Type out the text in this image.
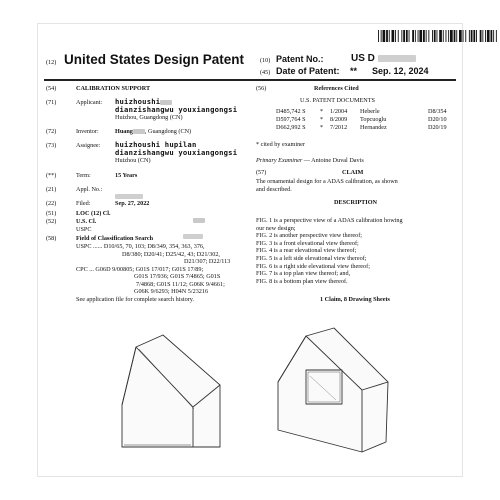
(12) United States Design Patent	(10) Patent No.:	US D
(45) Date of Patent: ** Sep. 12, 2024
(54)	CALIBRATION SUPPORT
(71)	Applicant: huizhoushi
dianzishangwu youxiangongsi
Huizhou, Guangdong (CN)
(72)	Inventor:	Huang , Guangdong (CN)
(73)	Assignee: huizhoushi hupilan
dianzishangwu youxiangongsi
Huizhou (CN)
(**)	Term:	15 Years
(21)	Appl. No.:
(22)	Filed:	Sep. 27, 2022
(51)	LOC (12) Cl.
(52)	U.S. Cl.
USPC
(58)	Field of Classification Search
USPC ...... D10/65, 70, 103; D8/349, 354, 363, 376,
D8/380; D20/41; D25/42, 43; D21/302,
D21/307; D22/113
CPC ... G06D 9/00805; G01S 17/017; G01S 17/89;
G01S 17/936; G01S 7/4865; G01S
7/4868; G01S 11/12; G06K 9/4661;
G06K 9/6293; H04N 5/23216
See application file for complete search history.
(56)	References Cited
U.S. PATENT DOCUMENTS
D485,742 S * 1/2004 Heberle	D8/354
D597,764 S * 8/2009 Topcuoglu	D20/10
D662,992 S * 7/2012 Hernandez	D20/19
* cited by examiner
Primary Examiner — Antoine Duval Davis
(57)	CLAIM
The ornamental design for a ADAS calibration, as shown
and described.
DESCRIPTION
FIG. 1 is a perspective view of a ADAS calibration howing
our new design;
FIG. 2 is another perspective view thereof;
FIG. 3 is a front elevational view thereof;
FIG. 4 is a rear elevational view thereof;
FIG. 5 is a left side elevational view thereof;
FIG. 6 is a right side elevational view thereof;
FIG. 7 is a top plan view thereof; and,
FIG. 8 is a bottom plan view thereof.
1 Claim, 8 Drawing Sheets
